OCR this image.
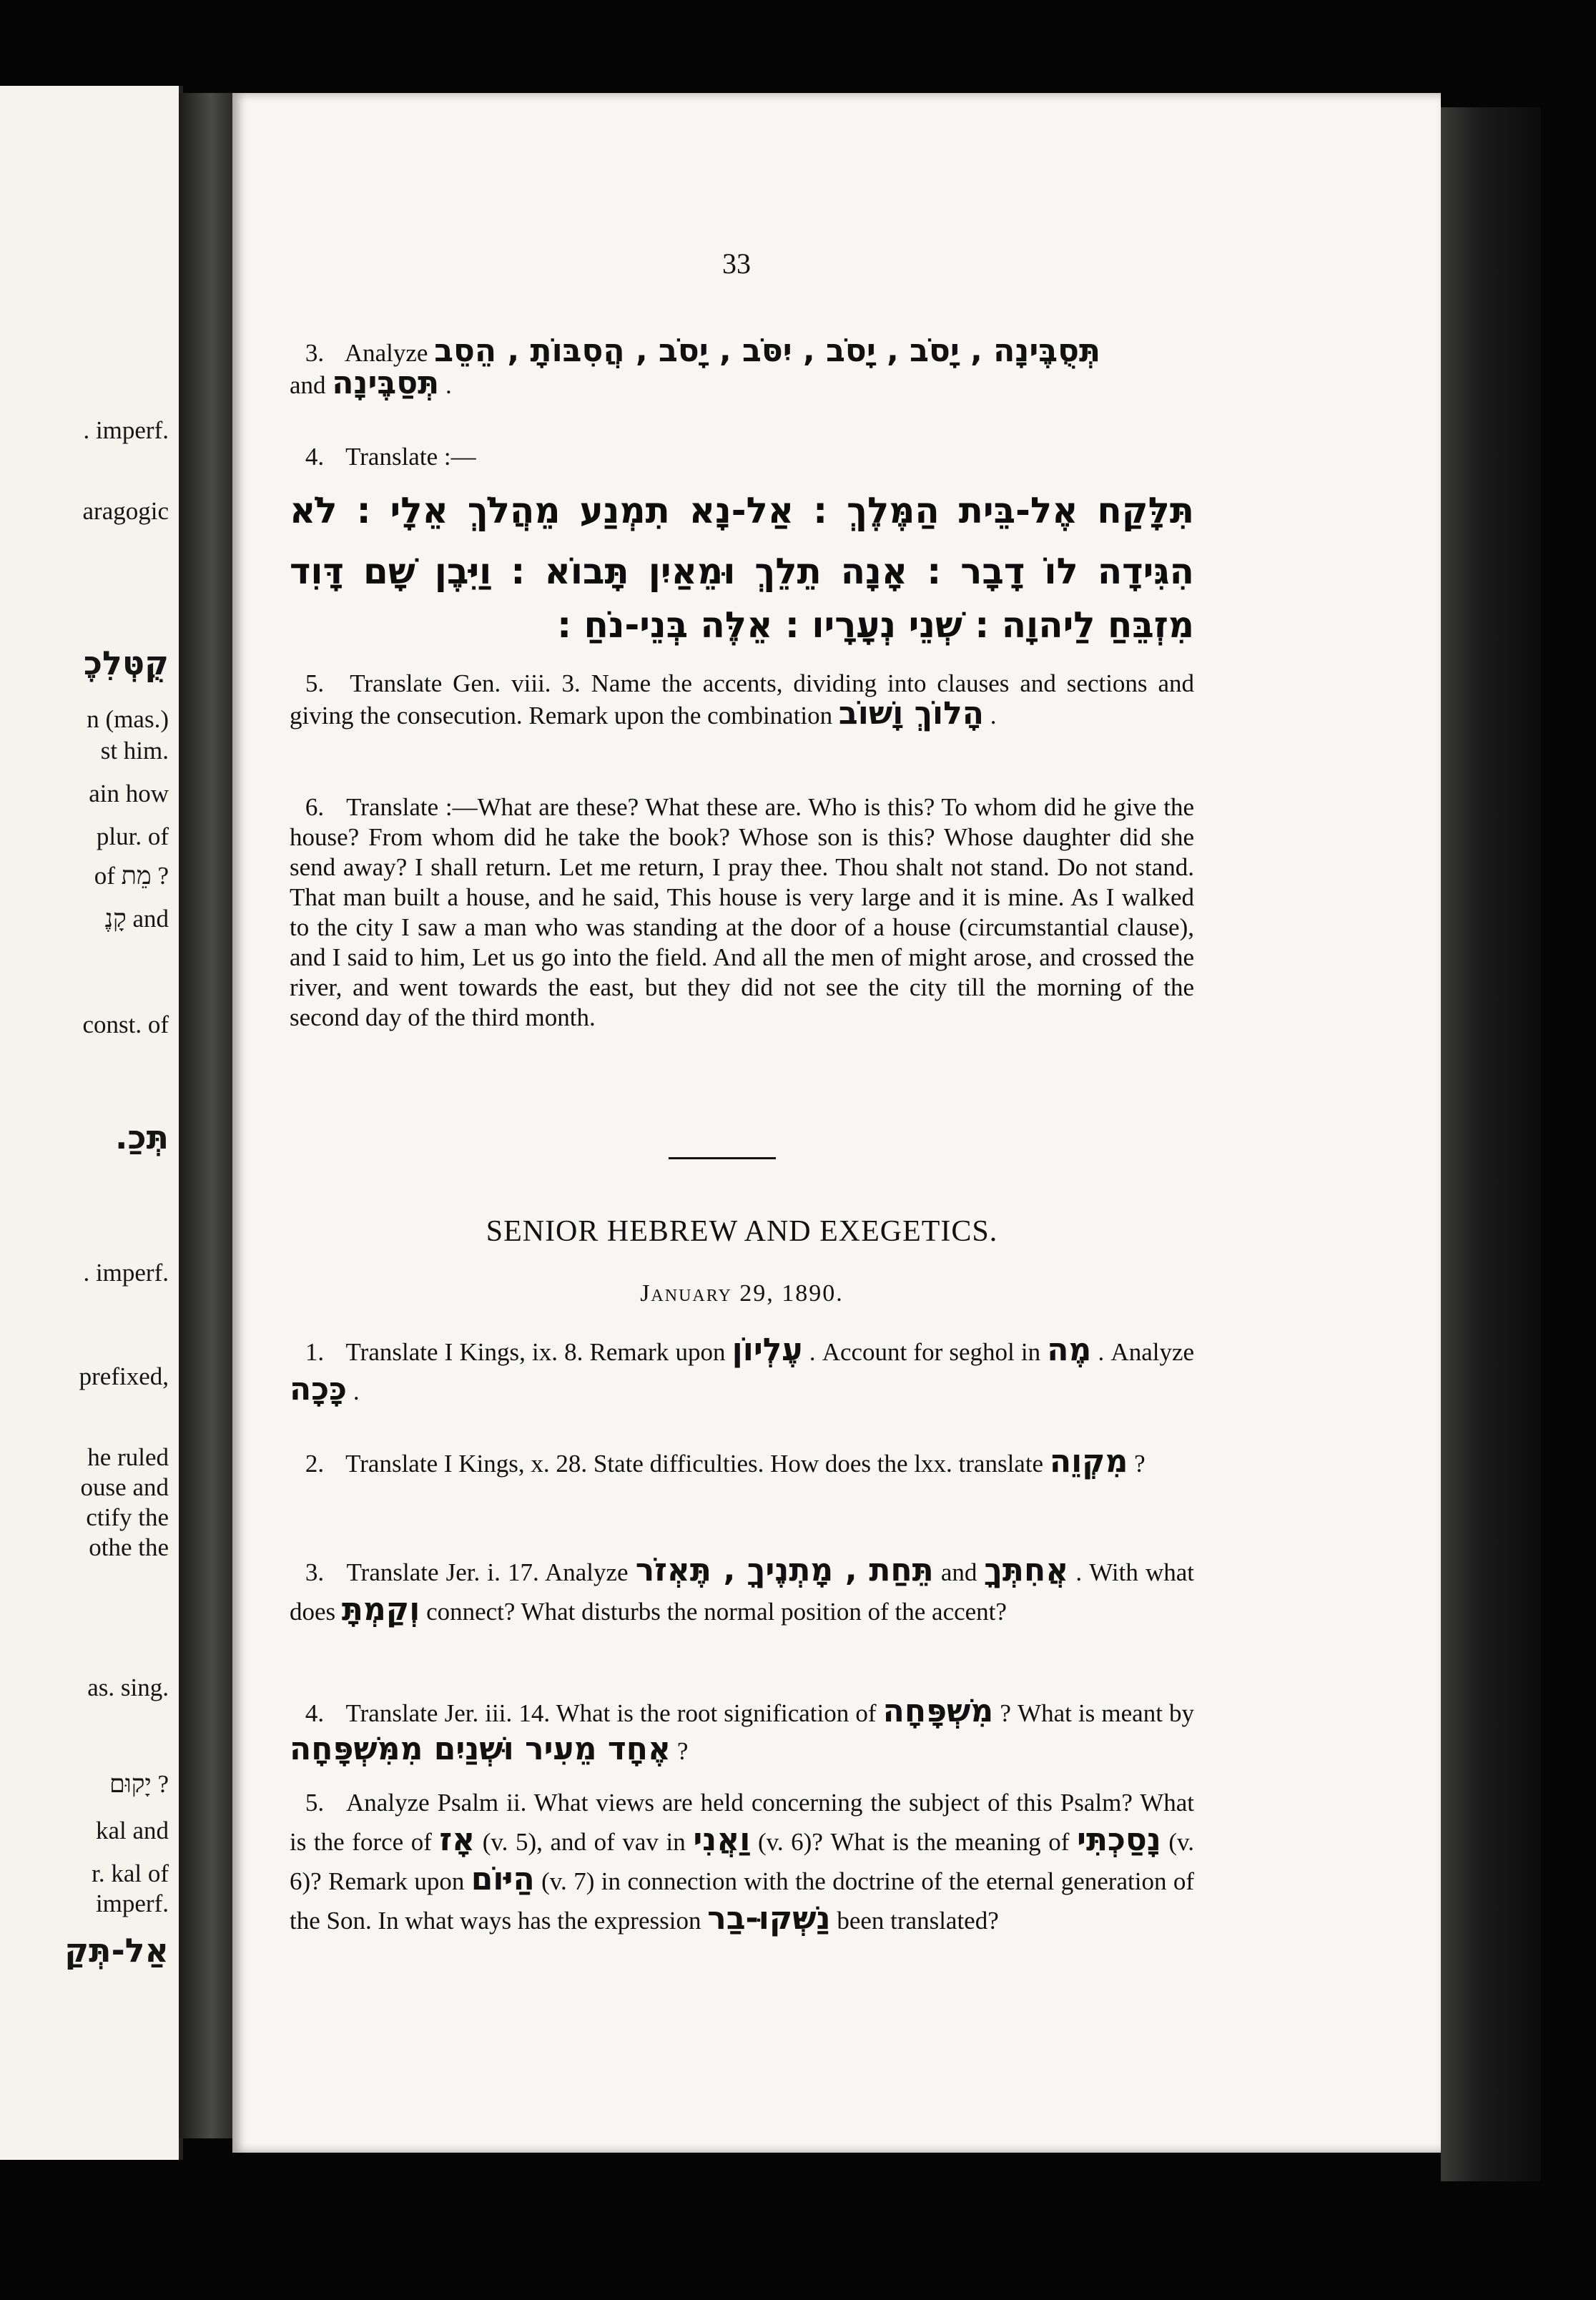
. imperf.
aragogic
קֻטְּלִכֶ
n (mas.)
st him.
ain how
plur. of
of מֵת ?
קָנֶ and
const. of
תְּכַ.
. imperf.
prefixed,
he ruled
ouse and
ctify the
othe the
as. sing.
יָקוּם ?
kal and
r. kal of
imperf.
אַל-תְּקַ
33
3. Analyze תְּסֻבֶּינָה , יָסֹב , יָסֹב , יִסֹּב , יָסֹב , הֲסִבּוֹתָ , הֵסֵב
and תְּסַבֶּינָה .
4. Translate :—
תִּלָּקַח אֶל-בֵּית הַמֶּלֶךְ : אַל-נָא תִמְנַע מֵהֲלֹךְ אֵלָי : לֹא
הִגִּידָה לוֹ דָבָר : אָנָה תֵלֵךְ וּמֵאַיִן תָּבוֹא : וַיִּבֶן שָׁם דָּוִד
מִזְבֵּחַ לַיהוָה : שְׁנֵי נְעָרָיו : אֵלֶּה בְּנֵי-נֹחַ :
5. Translate Gen. viii. 3. Name the accents, dividing into clauses and sections and giving the consecution. Remark upon the combination הָלוֹךְ וָשׁוֹב .
6. Translate :—What are these? What these are. Who is this? To whom did he give the house? From whom did he take the book? Whose son is this? Whose daughter did she send away? I shall return. Let me return, I pray thee. Thou shalt not stand. Do not stand. That man built a house, and he said, This house is very large and it is mine. As I walked to the city I saw a man who was standing at the door of a house (circumstantial clause), and I said to him, Let us go into the field. And all the men of might arose, and crossed the river, and went towards the east, but they did not see the city till the morning of the second day of the third month.
SENIOR HEBREW AND EXEGETICS.
January 29, 1890.
1. Translate I Kings, ix. 8. Remark upon עֶלְיוֹן . Account for seghol in מֶה . Analyze כָּכָה .
2. Translate I Kings, x. 28. State difficulties. How does the lxx. translate מִקְוֵה ?
3. Translate Jer. i. 17. Analyze תֵּחַת , מָתְנֶיךָ , תֶּאְזֹר and אֲחִתְּךָ . With what does וְקַמְתָּ connect? What disturbs the normal position of the accent?
4. Translate Jer. iii. 14. What is the root signification of מִשְׁפָּחָה ? What is meant by אֶחָד מֵעִיר וּשְׁנַיִם מִמִּשְׁפָּחָה ?
5. Analyze Psalm ii. What views are held concerning the subject of this Psalm? What is the force of אָז (v. 5), and of vav in וַאֲנִי (v. 6)? What is the meaning of נָסַכְתִּי (v. 6)? Remark upon הַיּוֹם (v. 7) in connection with the doctrine of the eternal generation of the Son. In what ways has the expression נַשְּׁקוּ-בַר been translated?
